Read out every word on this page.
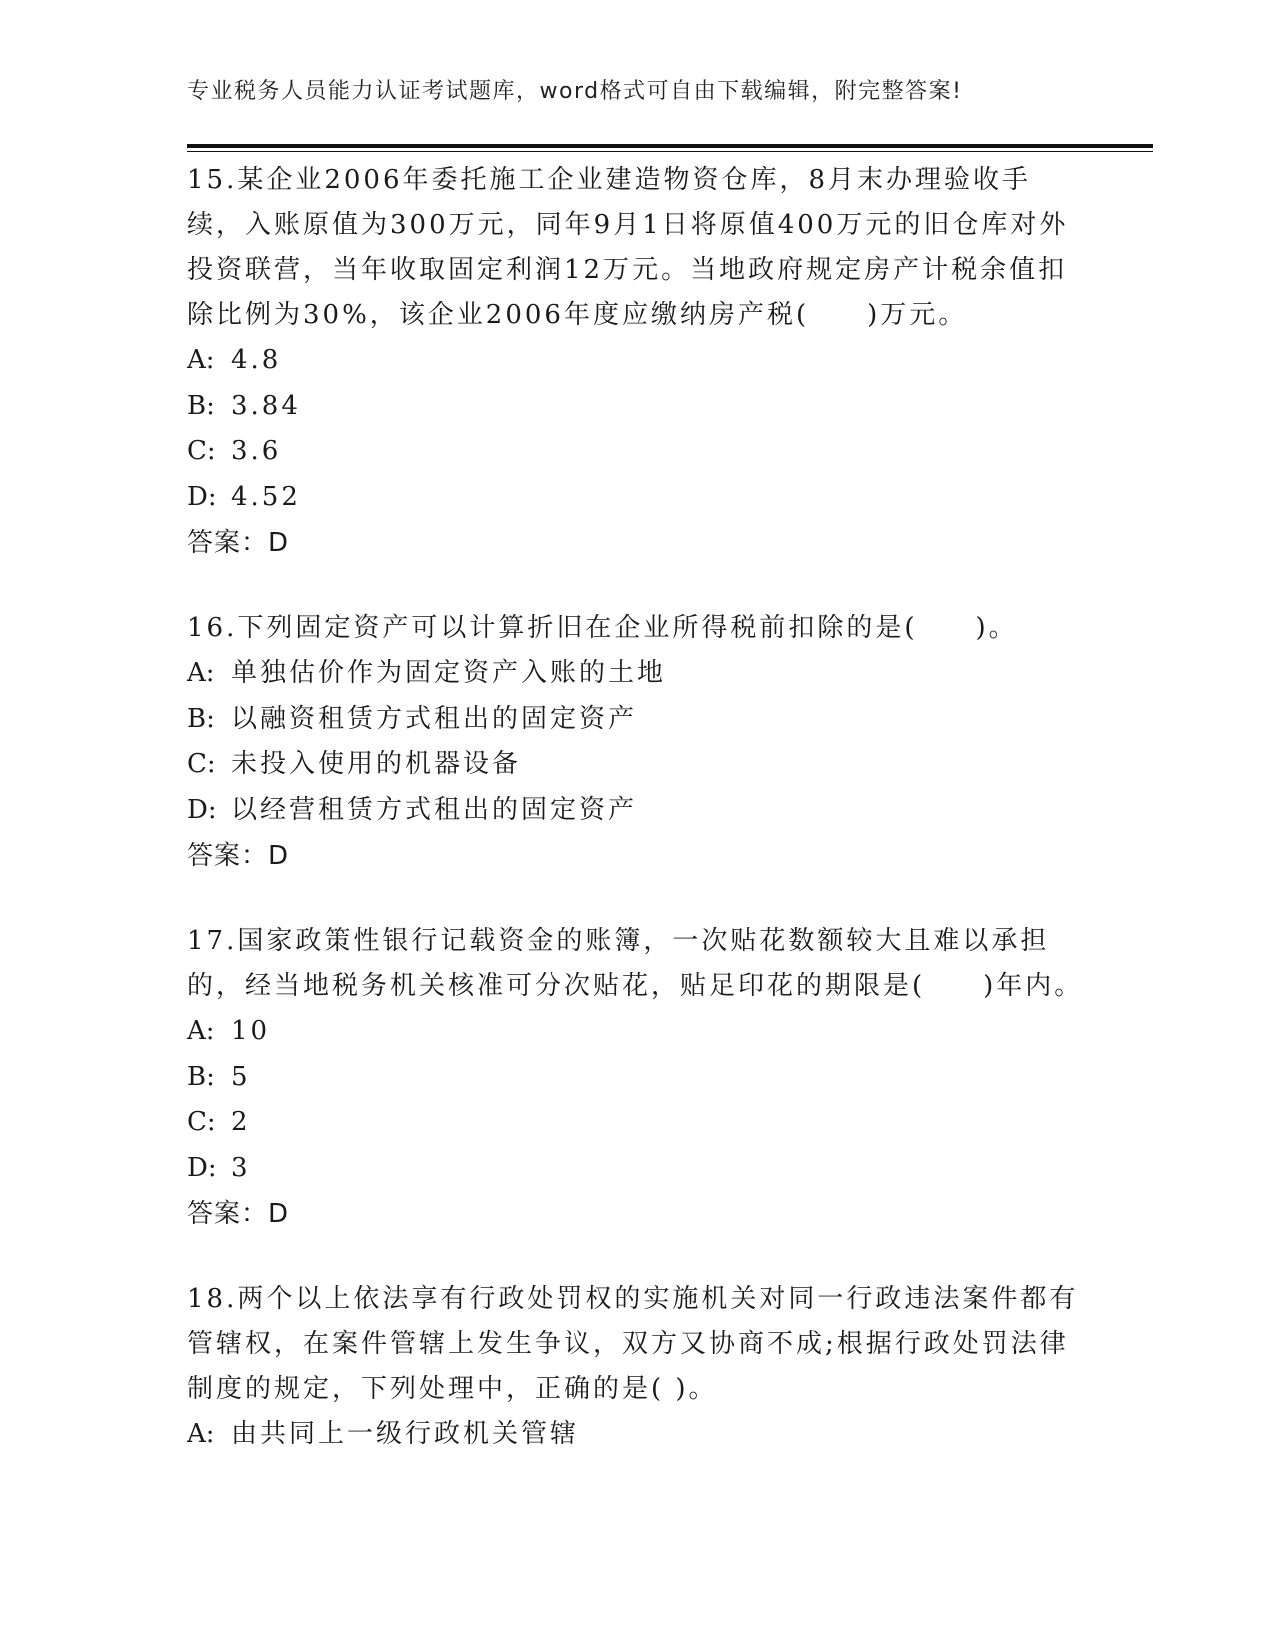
专业税务人员能力认证考试题库，word格式可自由下载编辑，附完整答案!

15.某企业2006年委托施工企业建造物资仓库，8月末办理验收手续，入账原值为300万元，同年9月1日将原值400万元的旧仓库对外投资联营，当年收取固定利润12万元。当地政府规定房产计税余值扣除比例为30%，该企业2006年度应缴纳房产税(　　)万元。

A: 4.8
B: 3.84
C: 3.6
D: 4.52
答案：D

16.下列固定资产可以计算折旧在企业所得税前扣除的是(　　)。

A: 单独估价作为固定资产入账的土地
B: 以融资租赁方式租出的固定资产
C: 未投入使用的机器设备
D: 以经营租赁方式租出的固定资产
答案：D

17.国家政策性银行记载资金的账簿，一次贴花数额较大且难以承担的，经当地税务机关核准可分次贴花，贴足印花的期限是(　　)年内。

A: 10
B: 5
C: 2
D: 3
答案：D

18.两个以上依法享有行政处罚权的实施机关对同一行政违法案件都有管辖权，在案件管辖上发生争议，双方又协商不成;根据行政处罚法律制度的规定，下列处理中，正确的是( )。

A: 由共同上一级行政机关管辖
